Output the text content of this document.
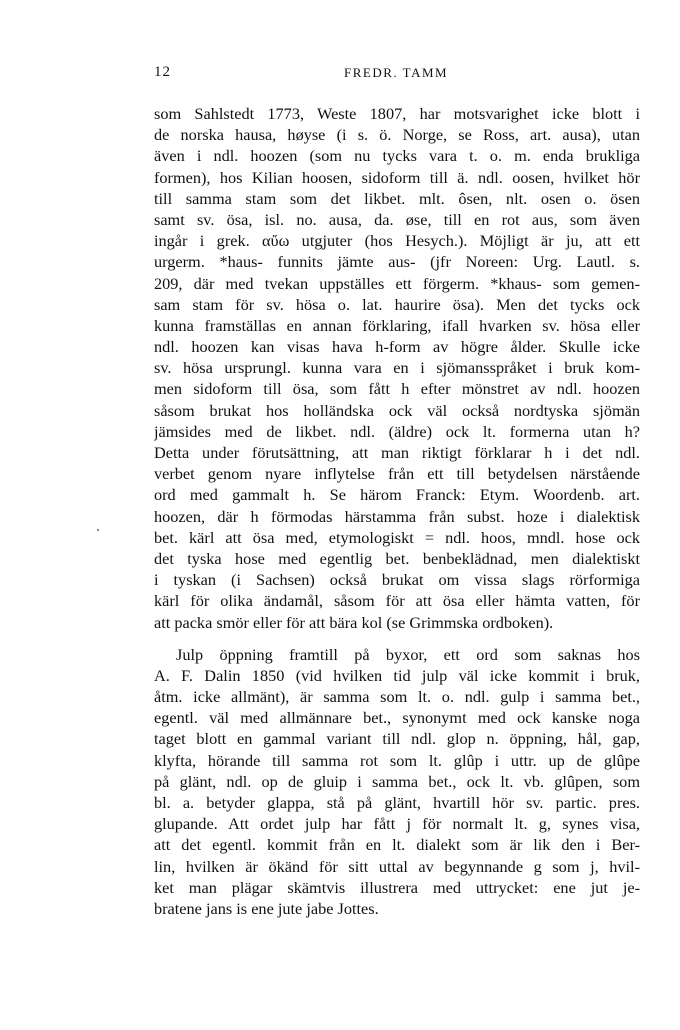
12	FREDR. TAMM
som Sahlstedt 1773, Weste 1807, har motsvarighet icke blott i
de norska hausa, høyse (i s. ö. Norge, se Ross, art. ausa), utan
även i ndl. hoozen (som nu tycks vara t. o. m. enda brukliga
formen), hos Kilian hoosen, sidoform till ä. ndl. oosen, hvilket hör
till samma stam som det likbet. mlt. ôsen, nlt. osen o. ösen
samt sv. ösa, isl. no. ausa, da. øse, till en rot aus, som även
ingår i grek. αὔω utgjuter (hos Hesych.). Möjligt är ju, att ett
urgerm. *haus- funnits jämte aus- (jfr Noreen: Urg. Lautl. s.
209, där med tvekan uppställes ett förgerm. *khaus- som gemen-
sam stam för sv. hösa o. lat. haurire ösa). Men det tycks ock
kunna framställas en annan förklaring, ifall hvarken sv. hösa eller
ndl. hoozen kan visas hava h-form av högre ålder. Skulle icke
sv. hösa ursprungl. kunna vara en i sjömansspråket i bruk kom-
men sidoform till ösa, som fått h efter mönstret av ndl. hoozen
såsom brukat hos holländska ock väl också nordtyska sjömän
jämsides med de likbet. ndl. (äldre) ock lt. formerna utan h?
Detta under förutsättning, att man riktigt förklarar h i det ndl.
verbet genom nyare inflytelse från ett till betydelsen närstående
ord med gammalt h. Se härom Franck: Etym. Woordenb. art.
hoozen, där h förmodas härstamma från subst. hoze i dialektisk
bet. kärl att ösa med, etymologiskt = ndl. hoos, mndl. hose ock
det tyska hose med egentlig bet. benbeklädnad, men dialektiskt
i tyskan (i Sachsen) också brukat om vissa slags rörformiga
kärl för olika ändamål, såsom för att ösa eller hämta vatten, för
att packa smör eller för att bära kol (se Grimmska ordboken).
Julp öppning framtill på byxor, ett ord som saknas hos
A. F. Dalin 1850 (vid hvilken tid julp väl icke kommit i bruk,
åtm. icke allmänt), är samma som lt. o. ndl. gulp i samma bet.,
egentl. väl med allmännare bet., synonymt med ock kanske noga
taget blott en gammal variant till ndl. glop n. öppning, hål, gap,
klyfta, hörande till samma rot som lt. glûp i uttr. up de glûpe
på glänt, ndl. op de gluip i samma bet., ock lt. vb. glûpen, som
bl. a. betyder glappa, stå på glänt, hvartill hör sv. partic. pres.
glupande. Att ordet julp har fått j för normalt lt. g, synes visa,
att det egentl. kommit från en lt. dialekt som är lik den i Ber-
lin, hvilken är ökänd för sitt uttal av begynnande g som j, hvil-
ket man plägar skämtvis illustrera med uttrycket: ene jut je-
bratene jans is ene jute jabe Jottes.
